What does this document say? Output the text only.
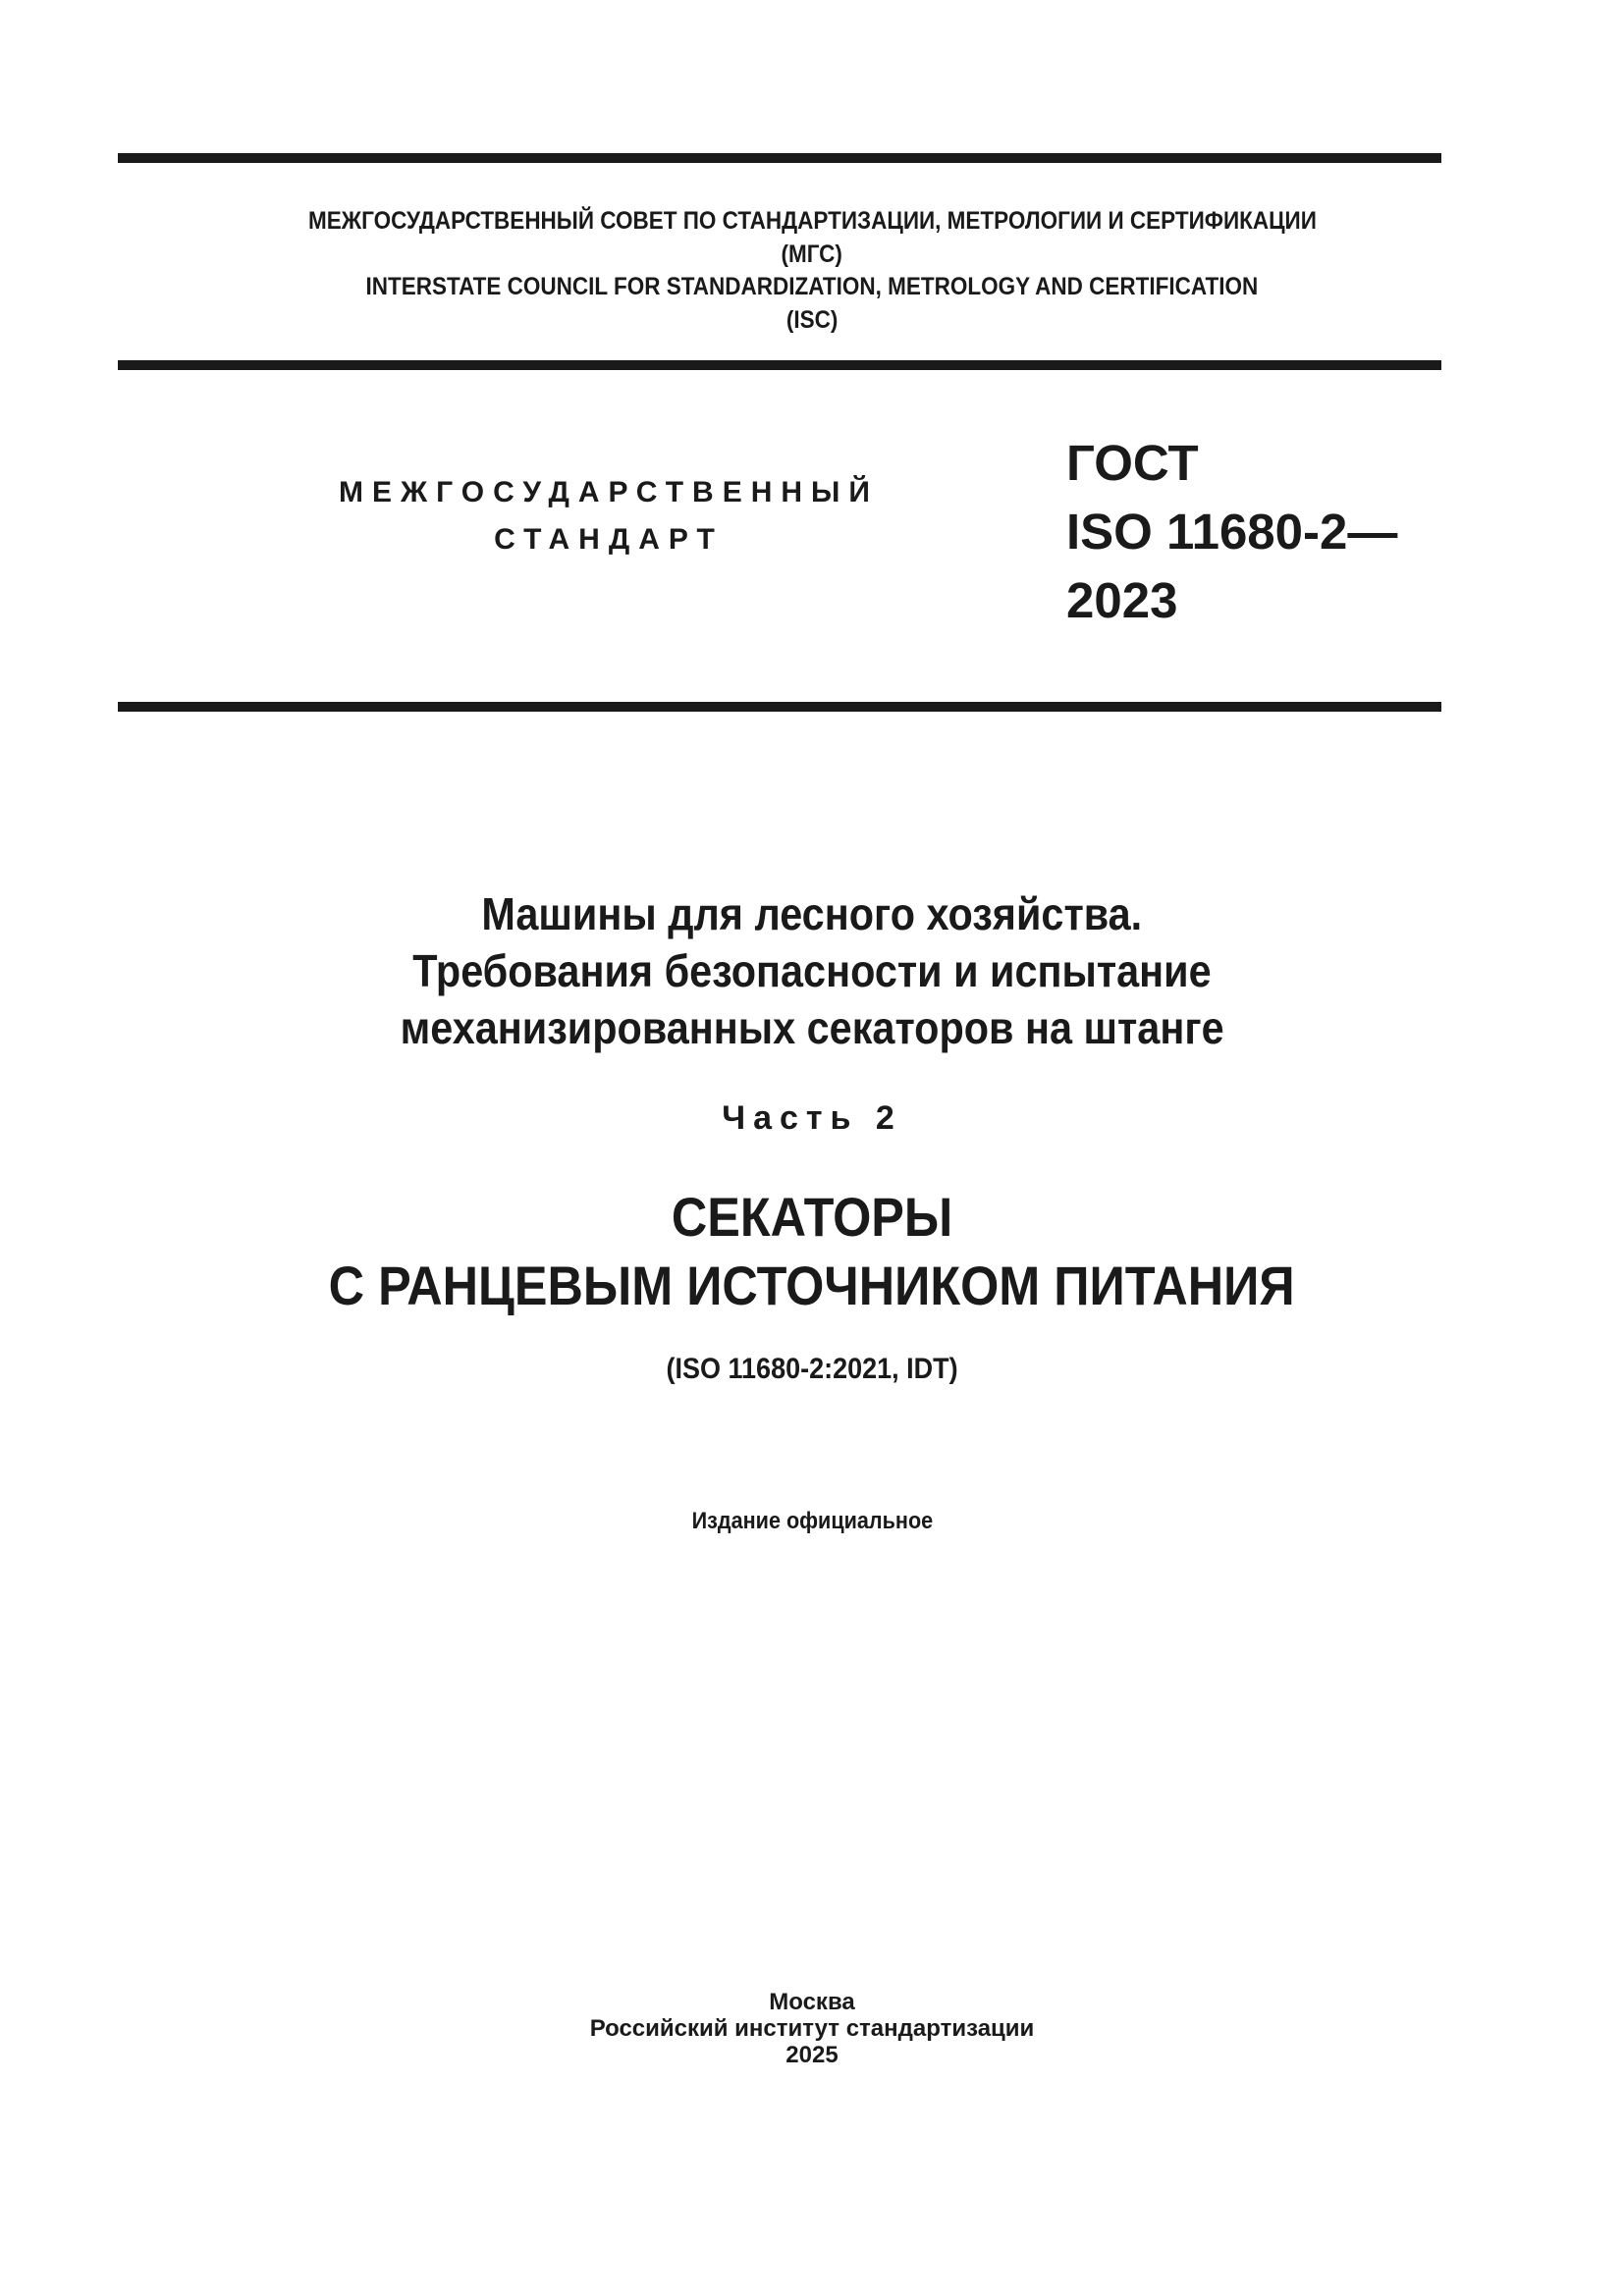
МЕЖГОСУДАРСТВЕННЫЙ СОВЕТ ПО СТАНДАРТИЗАЦИИ, МЕТРОЛОГИИ И СЕРТИФИКАЦИИ
(МГС)
INTERSTATE COUNCIL FOR STANDARDIZATION, METROLOGY AND CERTIFICATION
(ISC)
МЕЖГОСУДАРСТВЕННЫЙ
СТАНДАРТ
ГОСТ
ISO 11680-2—
2023
Машины для лесного хозяйства.
Требования безопасности и испытание
механизированных секаторов на штанге
Часть 2
СЕКАТОРЫ
С РАНЦЕВЫМ ИСТОЧНИКОМ ПИТАНИЯ
(ISO 11680-2:2021, IDT)
Издание официальное
Москва
Российский институт стандартизации
2025
